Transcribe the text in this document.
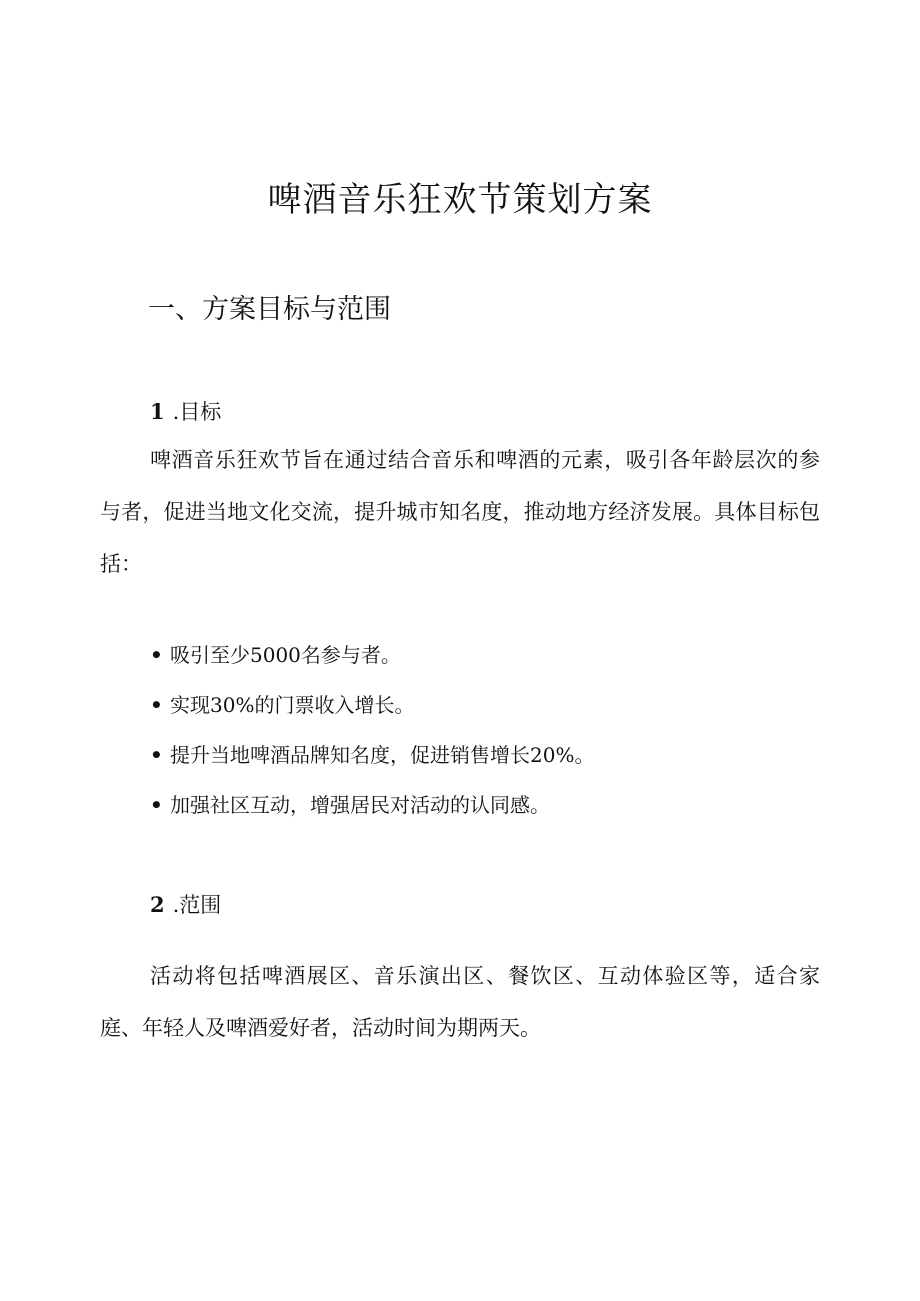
啤酒音乐狂欢节策划方案
一、方案目标与范围
1 .目标

啤酒音乐狂欢节旨在通过结合音乐和啤酒的元素，吸引各年龄层次的参与者，促进当地文化交流，提升城市知名度，推动地方经济发展。具体目标包括：

• 吸引至少5000名参与者。
• 实现30%的门票收入增长。
• 提升当地啤酒品牌知名度，促进销售增长20%。
• 加强社区互动，增强居民对活动的认同感。
2 .范围

活动将包括啤酒展区、音乐演出区、餐饮区、互动体验区等，适合家庭、年轻人及啤酒爱好者，活动时间为期两天。
